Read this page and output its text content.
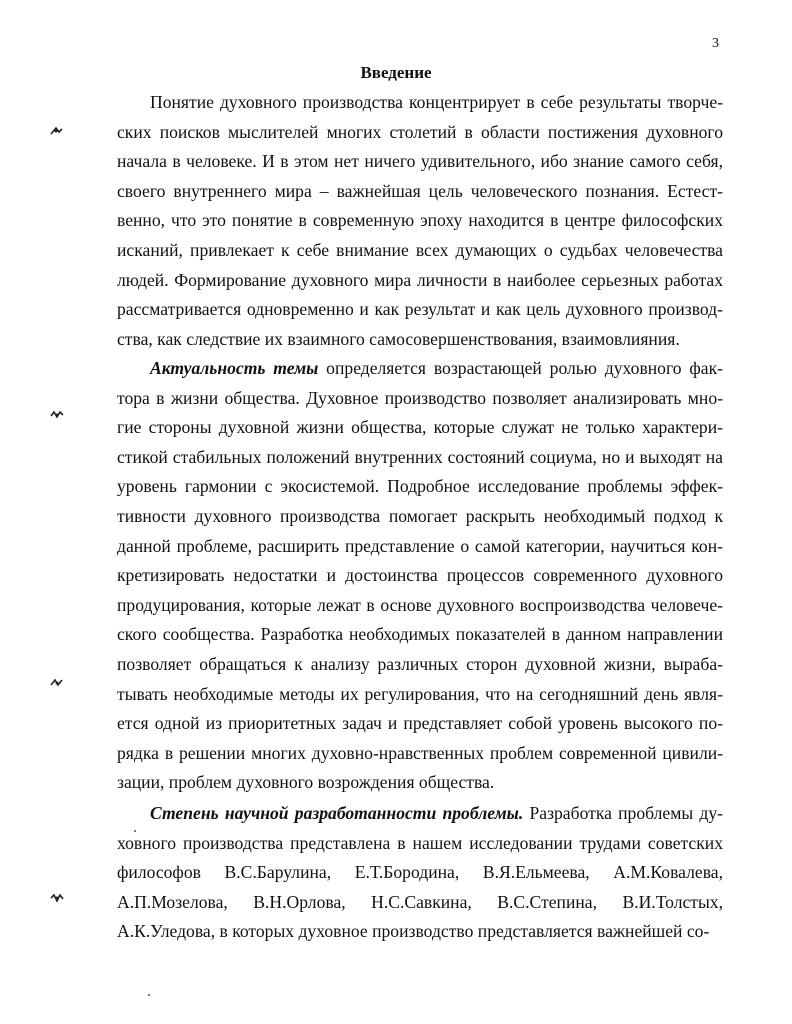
3
Введение

Понятие духовного производства концентрирует в себе результаты творческих поисков мыслителей многих столетий в области постижения духовного начала в человеке. И в этом нет ничего удивительного, ибо знание самого себя, своего внутреннего мира – важнейшая цель человеческого познания. Естественно, что это понятие в современную эпоху находится в центре философских исканий, привлекает к себе внимание всех думающих о судьбах человечества людей. Формирование духовного мира личности в наиболее серьезных работах рассматривается одновременно и как результат и как цель духовного производства, как следствие их взаимного самосовершенствования, взаимовлияния.

Актуальность темы определяется возрастающей ролью духовного фактора в жизни общества. Духовное производство позволяет анализировать многие стороны духовной жизни общества, которые служат не только характеристикой стабильных положений внутренних состояний социума, но и выходят на уровень гармонии с экосистемой. Подробное исследование проблемы эффективности духовного производства помогает раскрыть необходимый подход к данной проблеме, расширить представление о самой категории, научиться конкретизировать недостатки и достоинства процессов современного духовного продуцирования, которые лежат в основе духовного воспроизводства человеческого сообщества. Разработка необходимых показателей в данном направлении позволяет обращаться к анализу различных сторон духовной жизни, вырабатывать необходимые методы их регулирования, что на сегодняшний день является одной из приоритетных задач и представляет собой уровень высокого порядка в решении многих духовно-нравственных проблем современной цивилизации, проблем духовного возрождения общества.

Степень научной разработанности проблемы. Разработка проблемы ду-
ховного производства представлена в нашем исследовании трудами советских
философов В.С.Барулина, Е.Т.Бородина, В.Я.Ельмеева, А.М.Ковалева,
А.П.Мозелова, В.Н.Орлова, Н.С.Савкина, В.С.Степина, В.И.Толстых,
А.К.Уледова, в которых духовное производство представляется важнейшей со-
